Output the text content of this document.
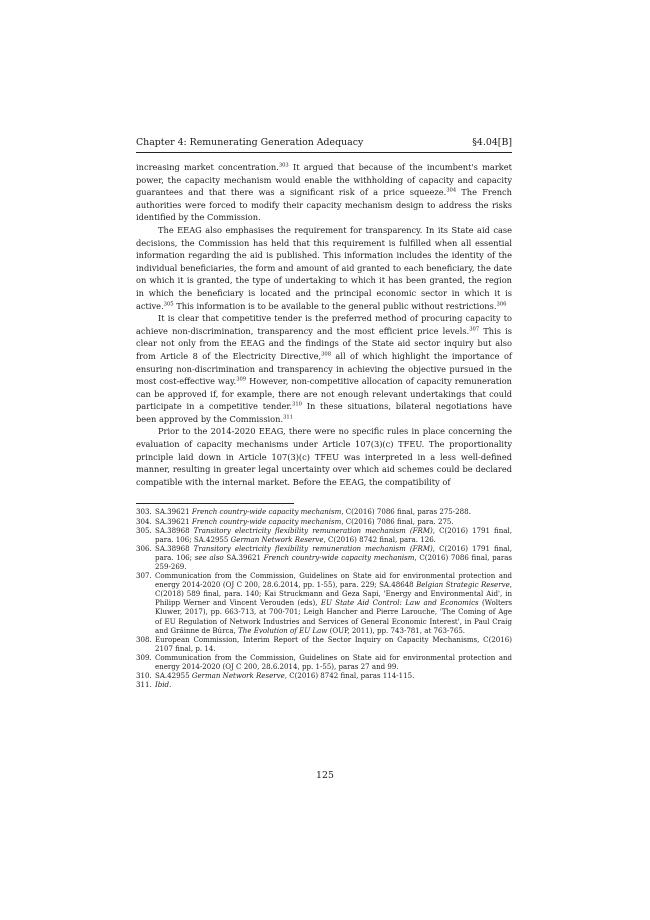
Chapter 4: Remunerating Generation Adequacy	§4.04[B]

increasing market concentration.$^{303}$ It argued that because of the incumbent's market power, the capacity mechanism would enable the withholding of capacity and capacity guarantees and that there was a significant risk of a price squeeze.$^{304}$ The French authorities were forced to modify their capacity mechanism design to address the risks identified by the Commission.

The EEAG also emphasises the requirement for transparency. In its State aid case decisions, the Commission has held that this requirement is fulfilled when all essential information regarding the aid is published. This information includes the identity of the individual beneficiaries, the form and amount of aid granted to each beneficiary, the date on which it is granted, the type of undertaking to which it has been granted, the region in which the beneficiary is located and the principal economic sector in which it is active.$^{305}$ This information is to be available to the general public without restrictions.$^{306}$

It is clear that competitive tender is the preferred method of procuring capacity to achieve non-discrimination, transparency and the most efficient price levels.$^{307}$ This is clear not only from the EEAG and the findings of the State aid sector inquiry but also from Article 8 of the Electricity Directive,$^{308}$ all of which highlight the importance of ensuring non-discrimination and transparency in achieving the objective pursued in the most cost-effective way.$^{309}$ However, non-competitive allocation of capacity remuneration can be approved if, for example, there are not enough relevant undertakings that could participate in a competitive tender.$^{310}$ In these situations, bilateral negotiations have been approved by the Commission.$^{311}$

Prior to the 2014-2020 EEAG, there were no specific rules in place concerning the evaluation of capacity mechanisms under Article 107(3)(c) TFEU. The proportionality principle laid down in Article 107(3)(c) TFEU was interpreted in a less well-defined manner, resulting in greater legal uncertainty over which aid schemes could be declared compatible with the internal market. Before the EEAG, the compatibility of

303. SA.39621 French country-wide capacity mechanism, C(2016) 7086 final, paras 275-288.
304. SA.39621 French country-wide capacity mechanism, C(2016) 7086 final, para. 275.
305. SA.38968 Transitory electricity flexibility remuneration mechanism (FRM), C(2016) 1791 final, para. 106; SA.42955 German Network Reserve, C(2016) 8742 final, para. 126.
306. SA.38968 Transitory electricity flexibility remuneration mechanism (FRM), C(2016) 1791 final, para. 106; see also SA.39621 French country-wide capacity mechanism, C(2016) 7086 final, paras 259-269.
307. Communication from the Commission, Guidelines on State aid for environmental protection and energy 2014-2020 (OJ C 200, 28.6.2014, pp. 1-55), para. 229; SA.48648 Belgian Strategic Reserve, C(2018) 589 final, para. 140; Kai Struckmann and Geza Sapi, 'Energy and Environmental Aid', in Philipp Werner and Vincent Verouden (eds), EU State Aid Control: Law and Economics (Wolters Kluwer, 2017), pp. 663-713, at 700-701; Leigh Hancher and Pierre Larouche, 'The Coming of Age of EU Regulation of Network Industries and Services of General Economic Interest', in Paul Craig and Gráinne de Búrca, The Evolution of EU Law (OUP, 2011), pp. 743-781, at 763-765.
308. European Commission, Interim Report of the Sector Inquiry on Capacity Mechanisms, C(2016) 2107 final, p. 14.
309. Communication from the Commission, Guidelines on State aid for environmental protection and energy 2014-2020 (OJ C 200, 28.6.2014, pp. 1-55), paras 27 and 99.
310. SA.42955 German Network Reserve, C(2016) 8742 final, paras 114-115.
311. Ibid.
125
